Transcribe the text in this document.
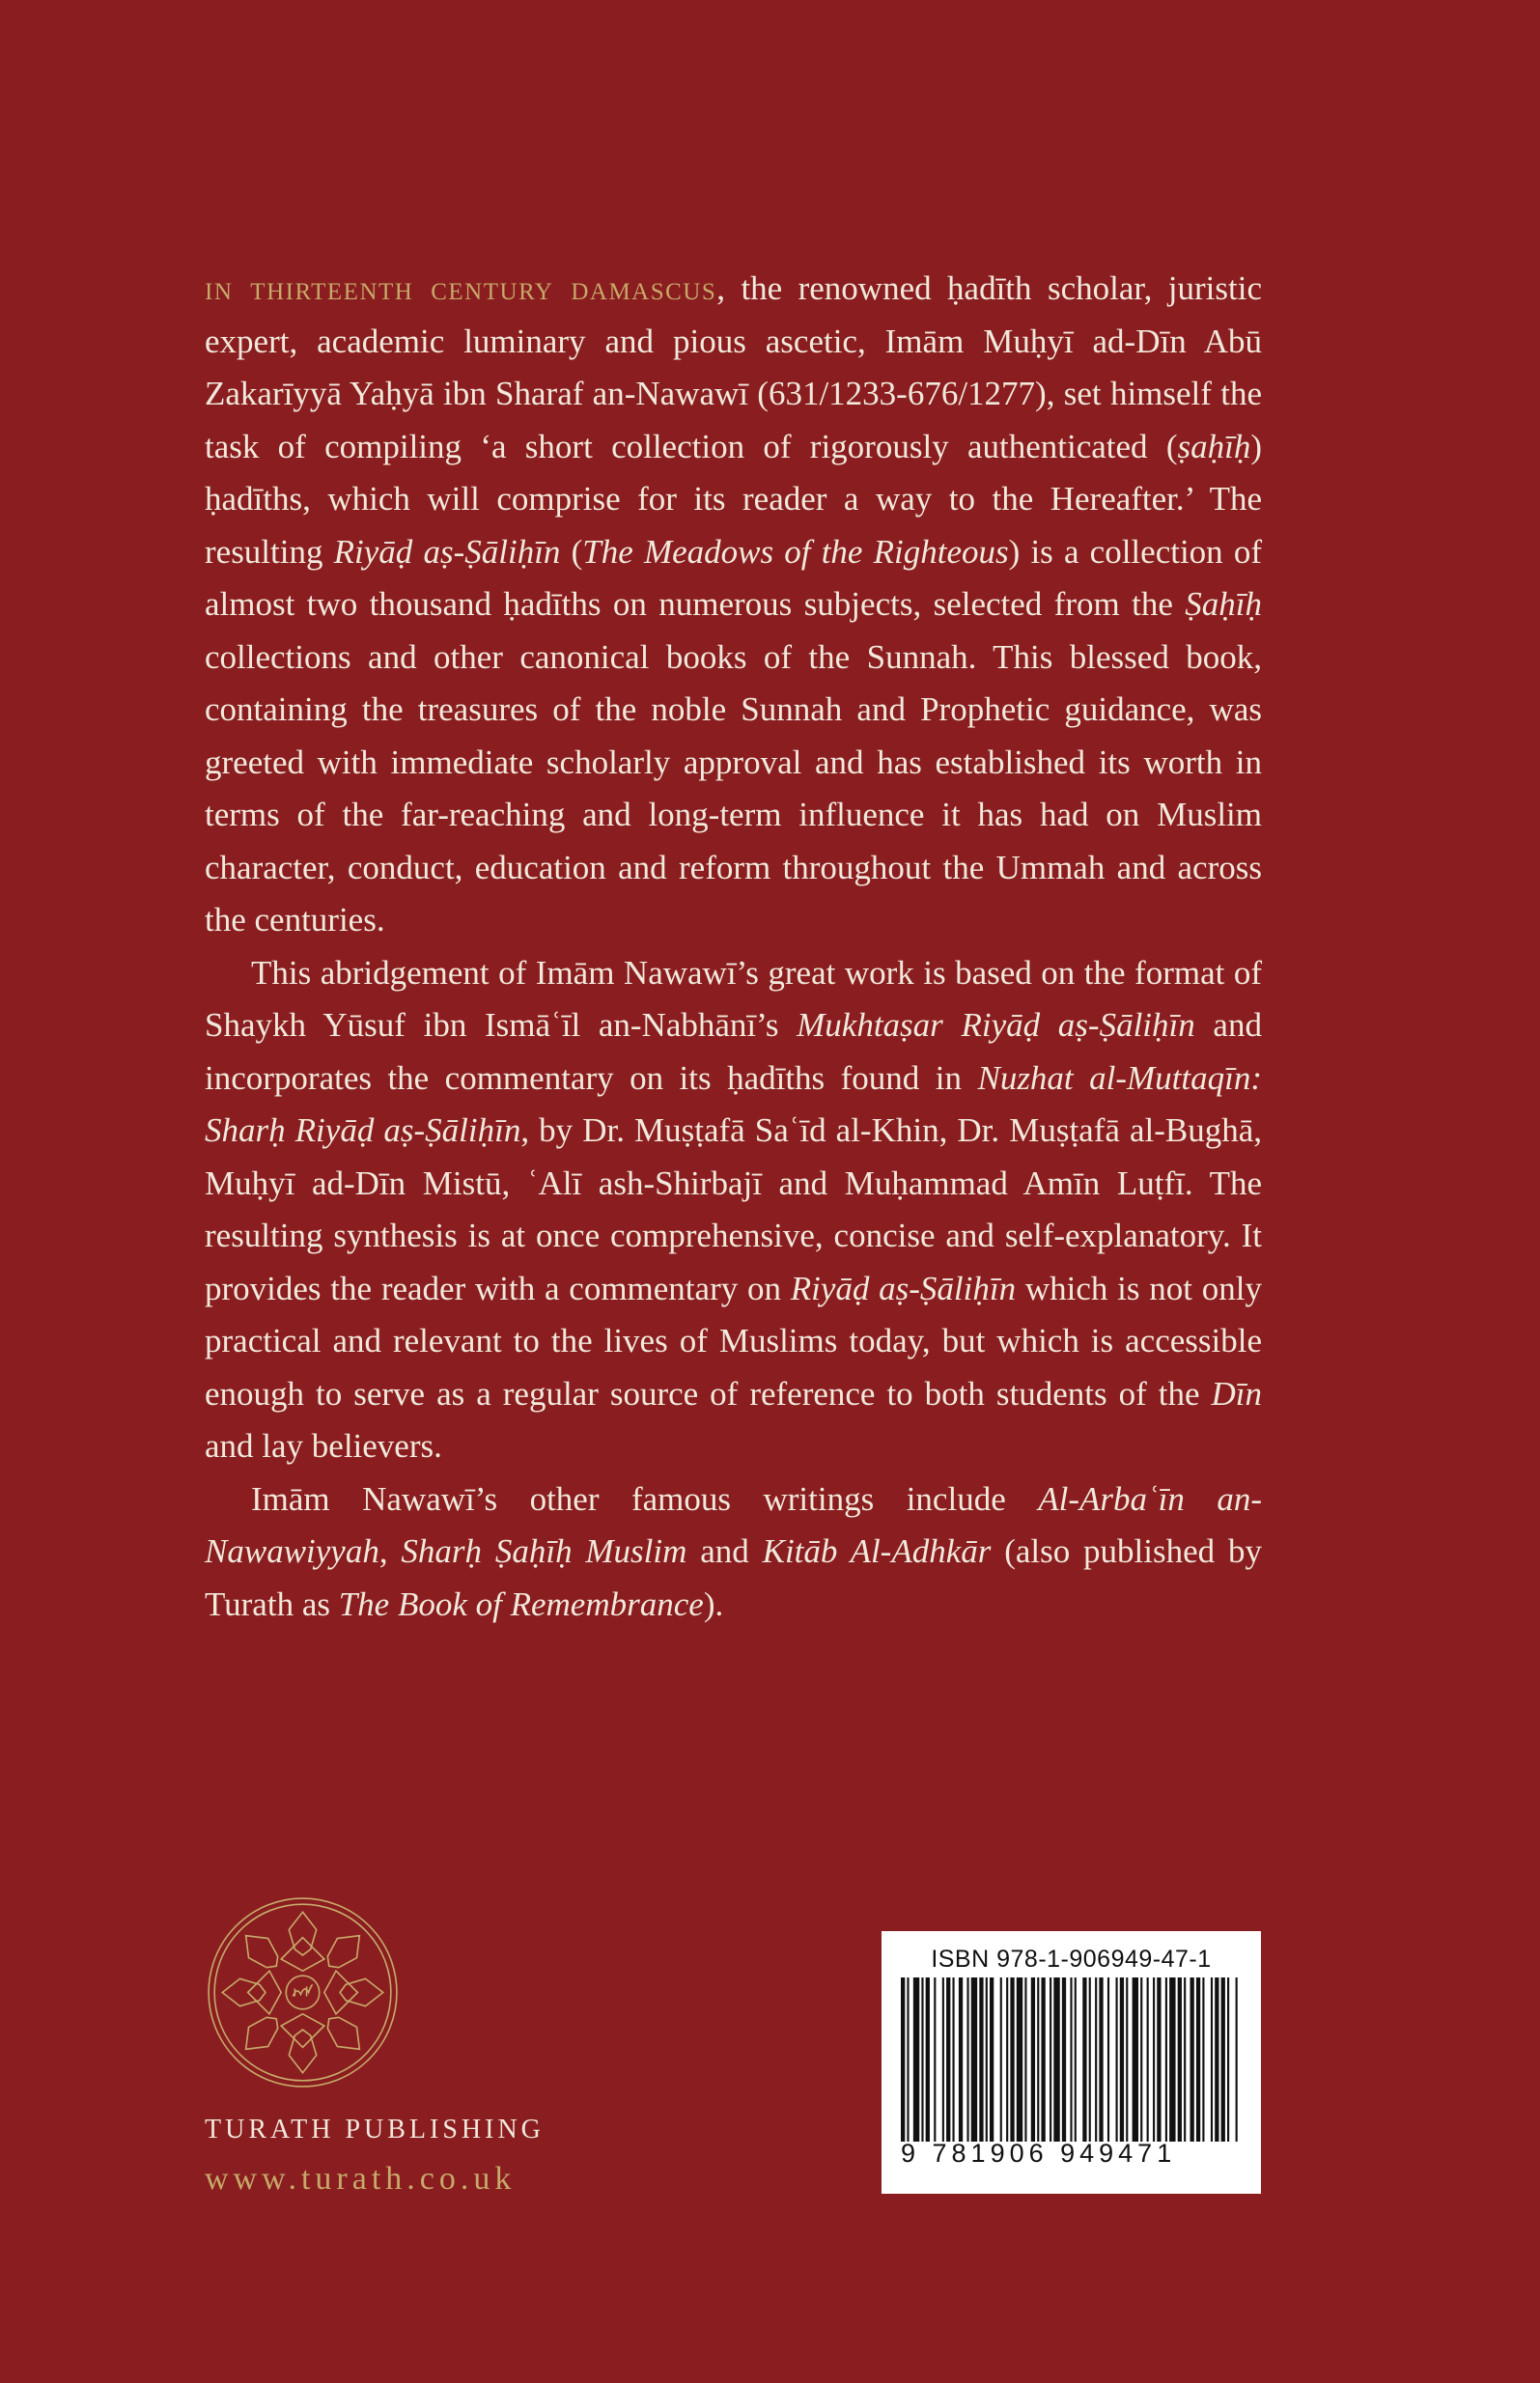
in thirteenth century damascus, the renowned ḥadīth scholar, juristic expert, academic luminary and pious ascetic, Imām Muḥyī ad-Dīn Abū Zakarīyyā Yaḥyā ibn Sharaf an-Nawawī (631/1233-676/1277), set himself the task of compiling ‘a short collection of rigorously authenticated (ṣaḥīḥ) ḥadīths, which will comprise for its reader a way to the Hereafter.’ The resulting Riyāḍ aṣ-Ṣāliḥīn (The Meadows of the Righteous) is a collection of almost two thousand ḥadīths on numerous subjects, selected from the Ṣaḥīḥ collections and other canonical books of the Sunnah. This blessed book, containing the treasures of the noble Sunnah and Prophetic guidance, was greeted with immediate scholarly approval and has established its worth in terms of the far-reaching and long-term influence it has had on Muslim character, conduct, education and reform throughout the Ummah and across the centuries.

This abridgement of Imām Nawawī’s great work is based on the format of Shaykh Yūsuf ibn Ismāʿīl an-Nabhānī’s Mukhtaṣar Riyāḍ aṣ-Ṣāliḥīn and incorporates the commentary on its ḥadīths found in Nuzhat al-Muttaqīn: Sharḥ Riyāḍ aṣ-Ṣāliḥīn, by Dr. Muṣṭafā Saʿīd al-Khin, Dr. Muṣṭafā al-Bughā, Muḥyī ad-Dīn Mistū, ʿAlī ash-Shirbajī and Muḥammad Amīn Luṭfī. The resulting synthesis is at once comprehensive, concise and self-explanatory. It provides the reader with a commentary on Riyāḍ aṣ-Ṣāliḥīn which is not only practical and relevant to the lives of Muslims today, but which is accessible enough to serve as a regular source of reference to both students of the Dīn and lay believers.

Imām Nawawī’s other famous writings include Al-Arbaʿīn an-Nawawiyyah, Sharḥ Ṣaḥīḥ Muslim and Kitāb Al-Adhkār (also published by Turath as The Book of Remembrance).

TURATH PUBLISHING
www.turath.co.uk
ISBN 978-1-906949-47-1
9 781906 949471
